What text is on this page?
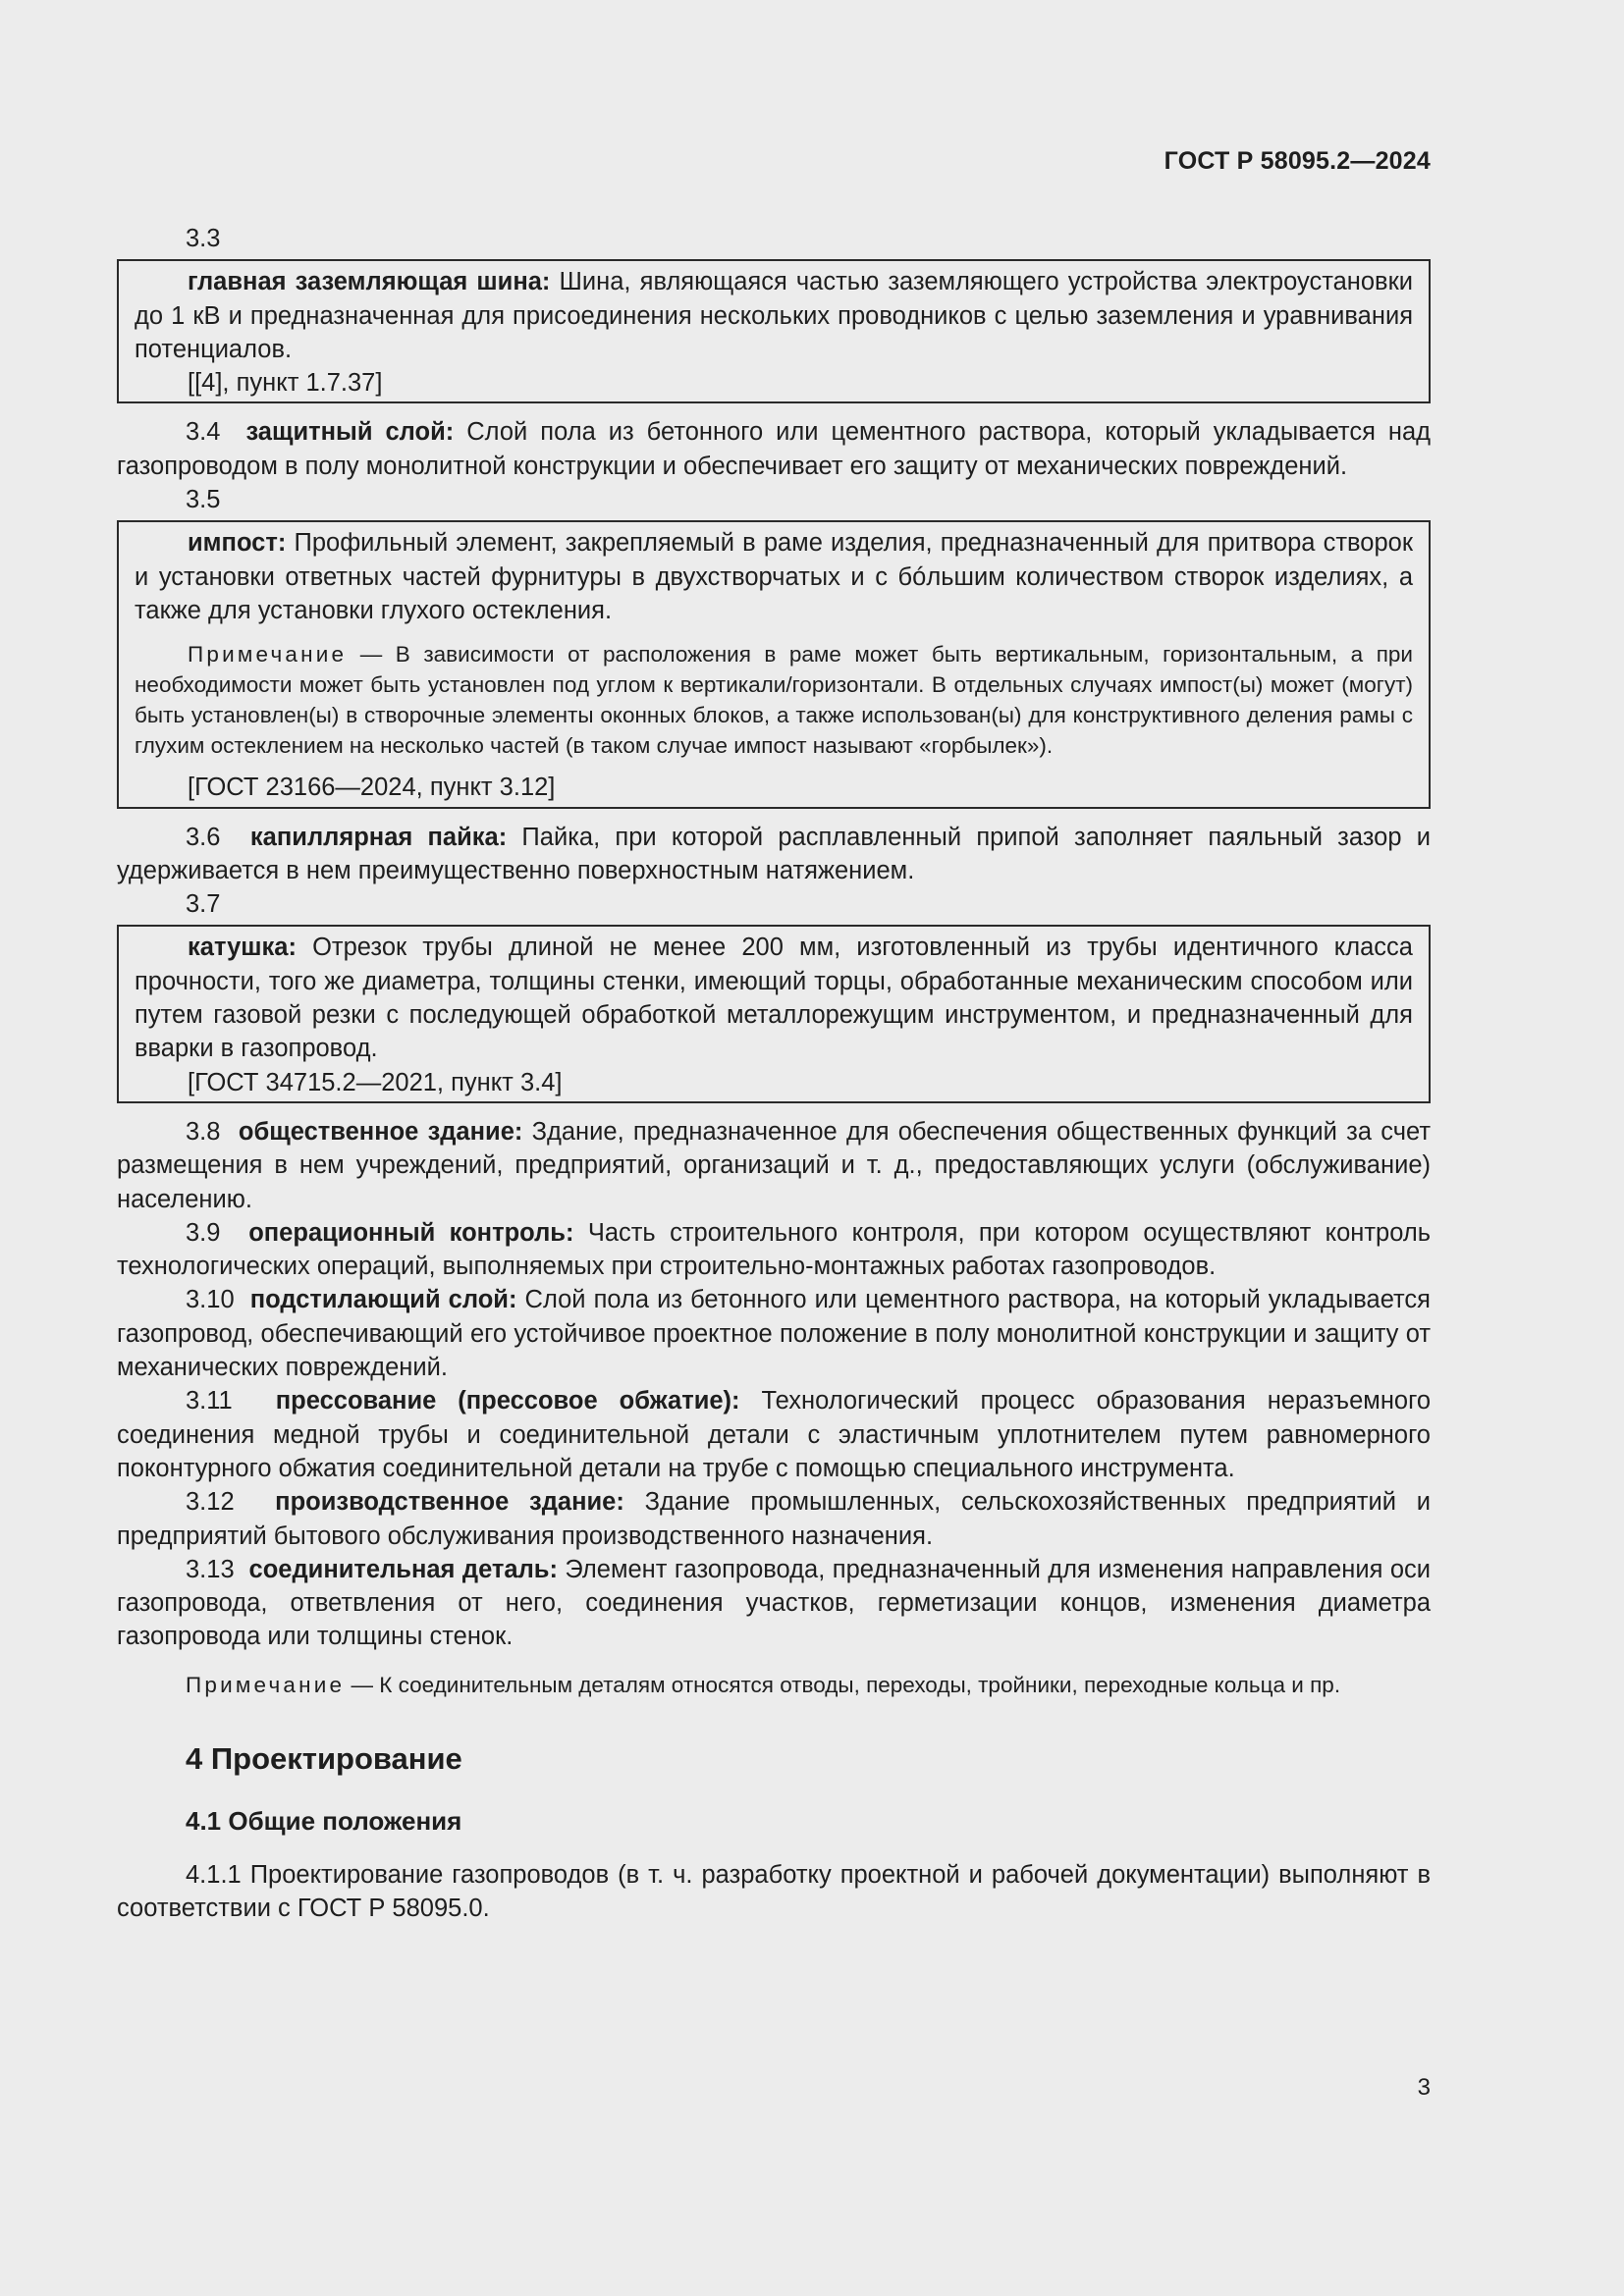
ГОСТ Р 58095.2—2024

3.3

главная заземляющая шина: Шина, являющаяся частью заземляющего устройства электроустановки до 1 кВ и предназначенная для присоединения нескольких проводников с целью заземления и уравнивания потенциалов.

[[4], пункт 1.7.37]

3.4 защитный слой: Слой пола из бетонного или цементного раствора, который укладывается над газопроводом в полу монолитной конструкции и обеспечивает его защиту от механических повреждений.

3.5

импост: Профильный элемент, закрепляемый в раме изделия, предназначенный для притвора створок и установки ответных частей фурнитуры в двухстворчатых и с бóльшим количеством створок изделиях, а также для установки глухого остекления.

Примечание — В зависимости от расположения в раме может быть вертикальным, горизонтальным, а при необходимости может быть установлен под углом к вертикали/горизонтали. В отдельных случаях импост(ы) может (могут) быть установлен(ы) в створочные элементы оконных блоков, а также использован(ы) для конструктивного деления рамы с глухим остеклением на несколько частей (в таком случае импост называют «горбылек»).

[ГОСТ 23166—2024, пункт 3.12]

3.6 капиллярная пайка: Пайка, при которой расплавленный припой заполняет паяльный зазор и удерживается в нем преимущественно поверхностным натяжением.

3.7

катушка: Отрезок трубы длиной не менее 200 мм, изготовленный из трубы идентичного класса прочности, того же диаметра, толщины стенки, имеющий торцы, обработанные механическим способом или путем газовой резки с последующей обработкой металлорежущим инструментом, и предназначенный для вварки в газопровод.

[ГОСТ 34715.2—2021, пункт 3.4]

3.8 общественное здание: Здание, предназначенное для обеспечения общественных функций за счет размещения в нем учреждений, предприятий, организаций и т. д., предоставляющих услуги (обслуживание) населению.

3.9 операционный контроль: Часть строительного контроля, при котором осуществляют контроль технологических операций, выполняемых при строительно-монтажных работах газопроводов.

3.10 подстилающий слой: Слой пола из бетонного или цементного раствора, на который укладывается газопровод, обеспечивающий его устойчивое проектное положение в полу монолитной конструкции и защиту от механических повреждений.

3.11 прессование (прессовое обжатие): Технологический процесс образования неразъемного соединения медной трубы и соединительной детали с эластичным уплотнителем путем равномерного поконтурного обжатия соединительной детали на трубе с помощью специального инструмента.

3.12 производственное здание: Здание промышленных, сельскохозяйственных предприятий и предприятий бытового обслуживания производственного назначения.

3.13 соединительная деталь: Элемент газопровода, предназначенный для изменения направления оси газопровода, ответвления от него, соединения участков, герметизации концов, изменения диаметра газопровода или толщины стенок.

Примечание — К соединительным деталям относятся отводы, переходы, тройники, переходные кольца и пр.

4 Проектирование

4.1 Общие положения

4.1.1 Проектирование газопроводов (в т. ч. разработку проектной и рабочей документации) выполняют в соответствии с ГОСТ Р 58095.0.

3
